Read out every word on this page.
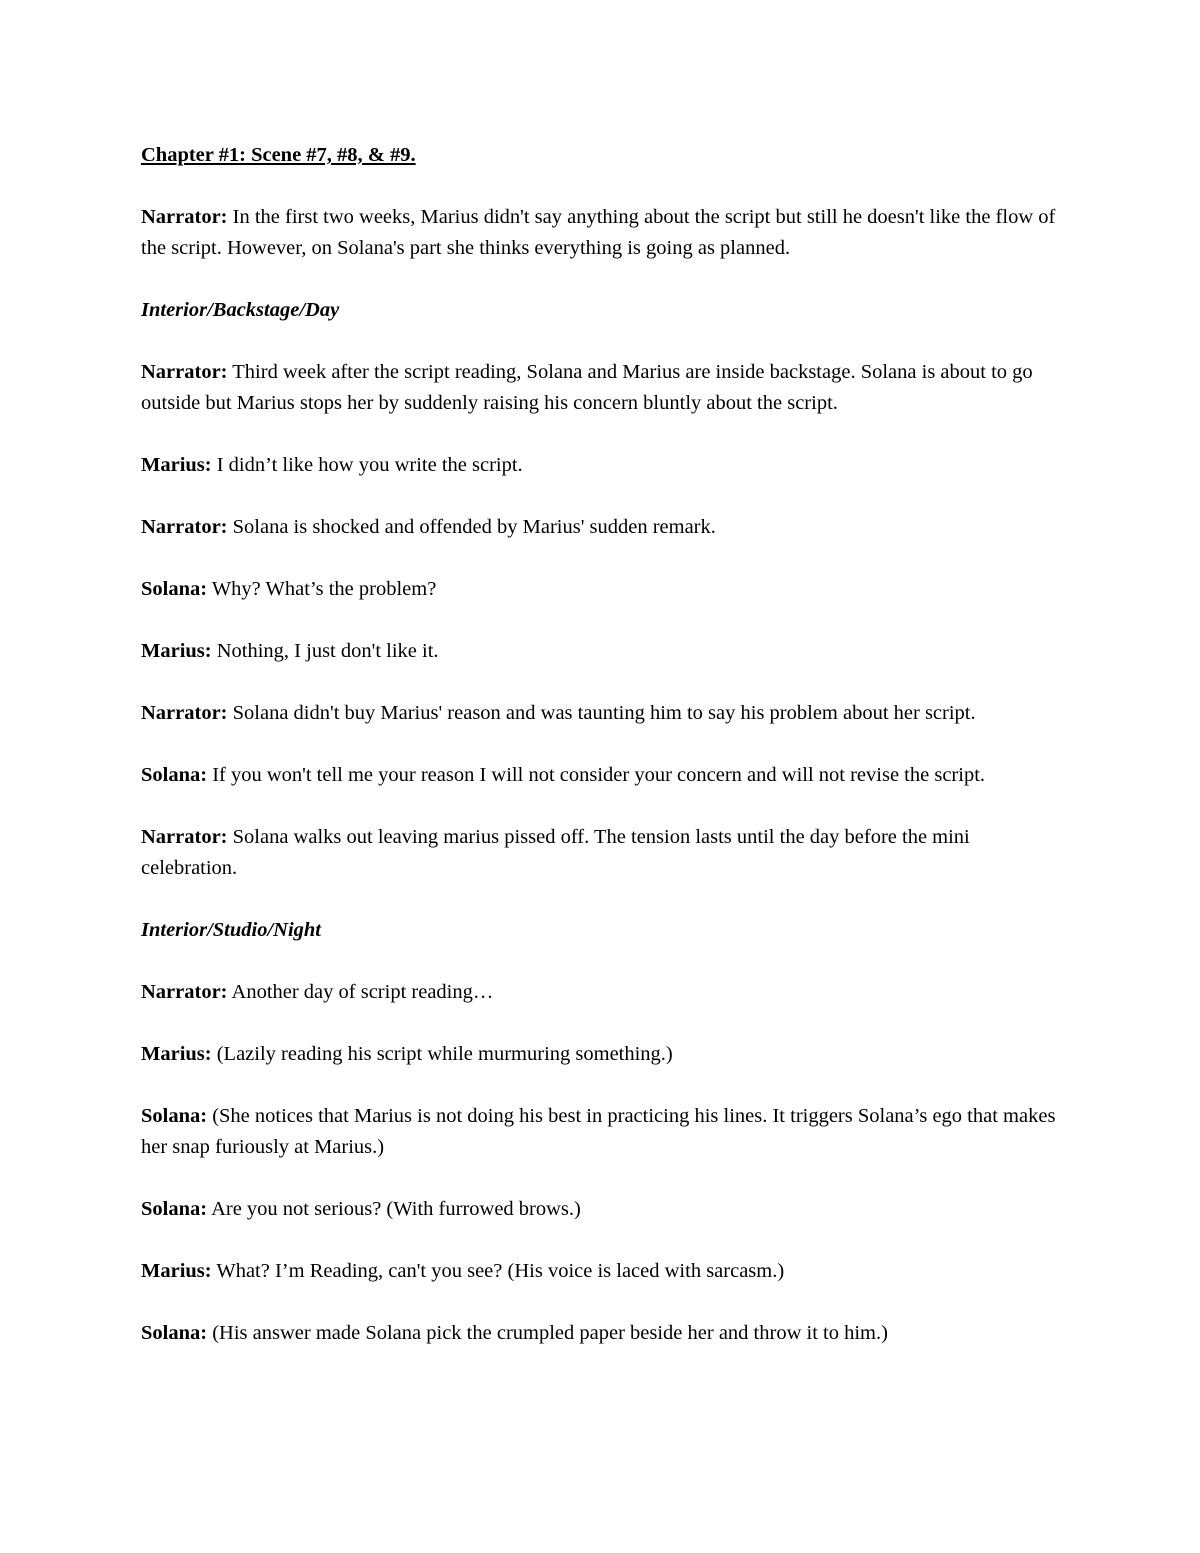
Chapter #1: Scene #7, #8, & #9.

Narrator: In the first two weeks, Marius didn't say anything about the script but still he doesn't like the flow of the script. However, on Solana's part she thinks everything is going as planned.

Interior/Backstage/Day

Narrator: Third week after the script reading, Solana and Marius are inside backstage. Solana is about to go outside but Marius stops her by suddenly raising his concern bluntly about the script.

Marius: I didn’t like how you write the script.

Narrator: Solana is shocked and offended by Marius' sudden remark.

Solana: Why? What’s the problem?

Marius: Nothing, I just don't like it.

Narrator: Solana didn't buy Marius' reason and was taunting him to say his problem about her script.

Solana: If you won't tell me your reason I will not consider your concern and will not revise the script.

Narrator: Solana walks out leaving marius pissed off. The tension lasts until the day before the mini celebration.

Interior/Studio/Night

Narrator: Another day of script reading…

Marius: (Lazily reading his script while murmuring something.)

Solana: (She notices that Marius is not doing his best in practicing his lines. It triggers Solana’s ego that makes her snap furiously at Marius.)

Solana: Are you not serious? (With furrowed brows.)

Marius: What? I’m Reading, can't you see? (His voice is laced with sarcasm.)

Solana: (His answer made Solana pick the crumpled paper beside her and throw it to him.)
